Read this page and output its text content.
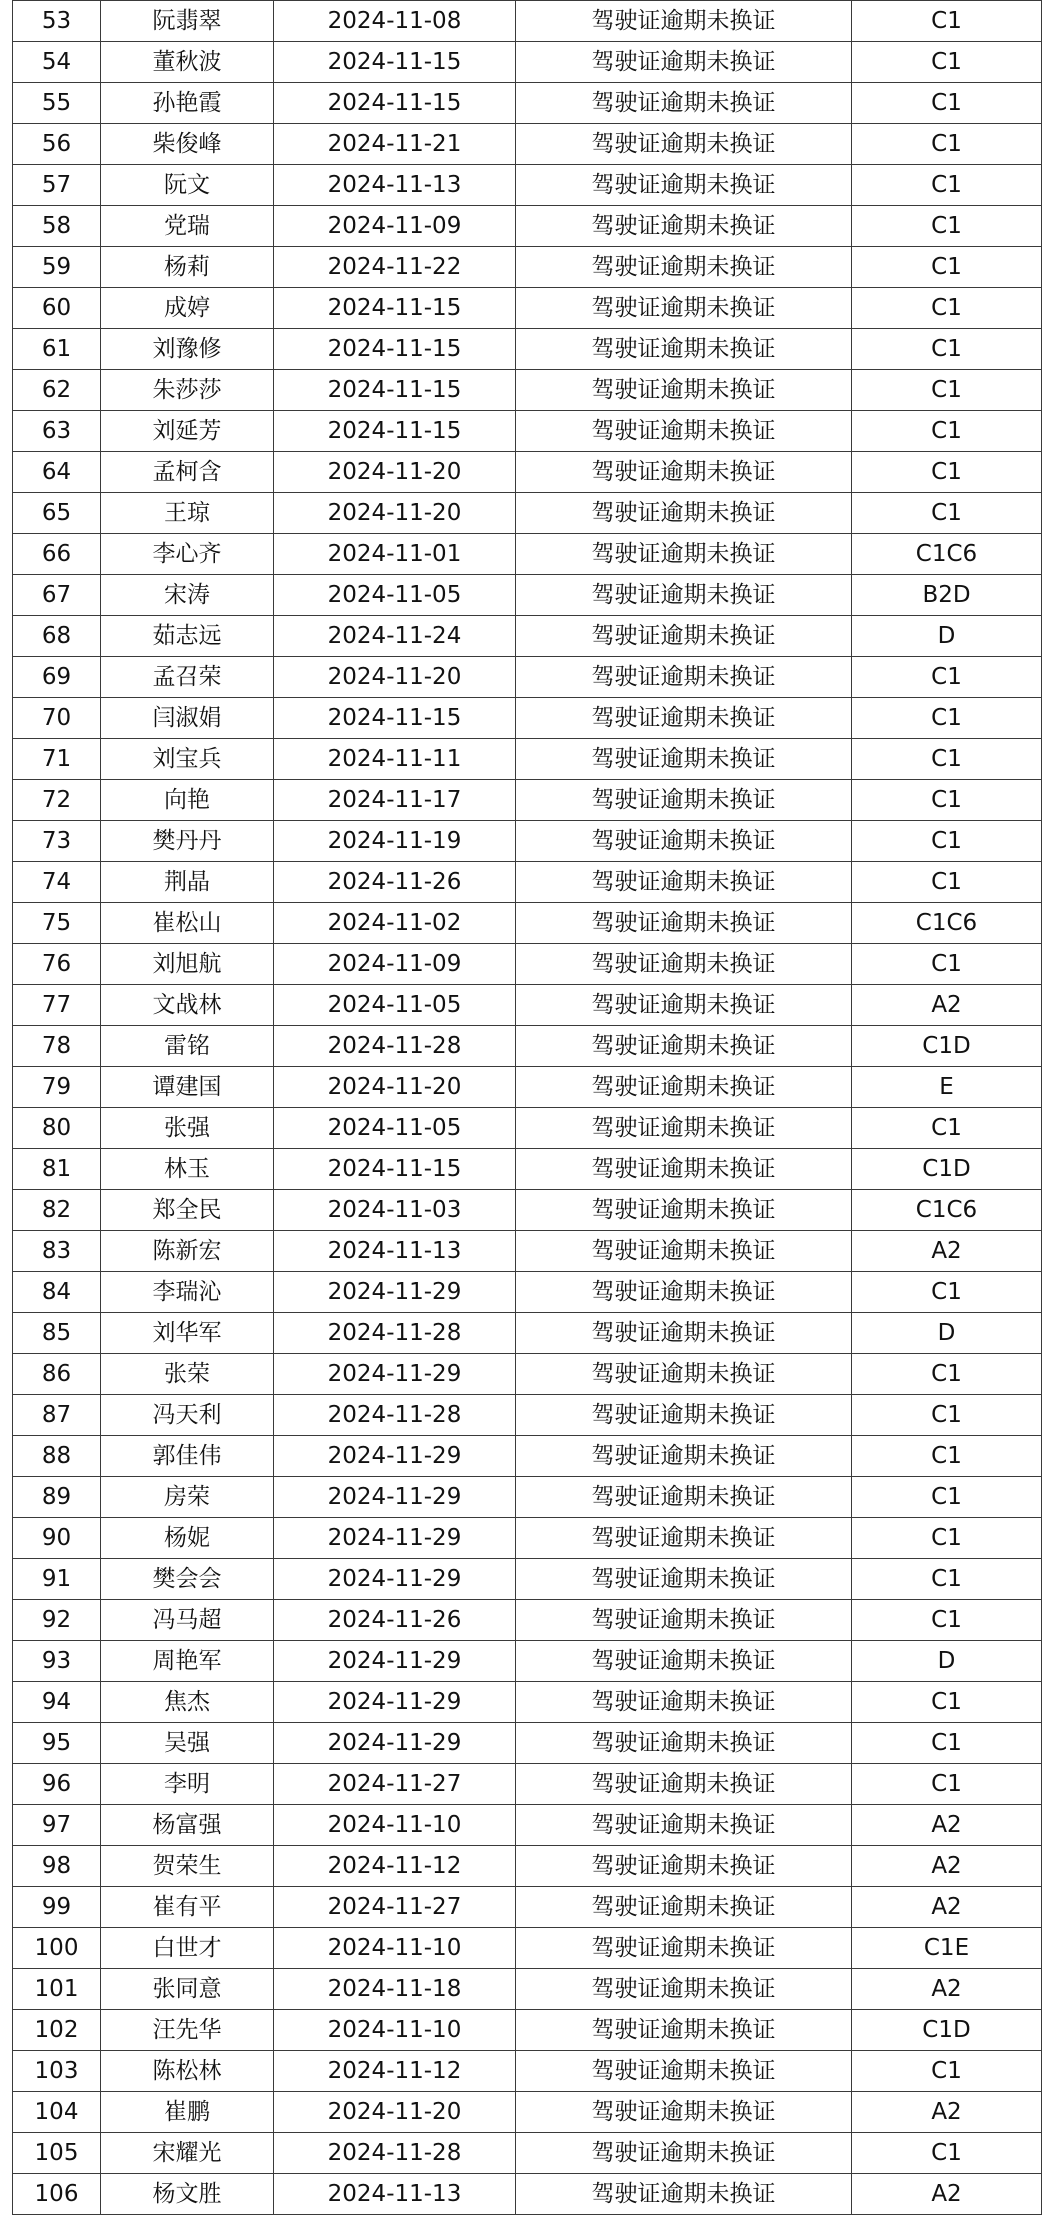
53	阮翡翠	2024-11-08	驾驶证逾期未换证	C1
54	董秋波	2024-11-15	驾驶证逾期未换证	C1
55	孙艳霞	2024-11-15	驾驶证逾期未换证	C1
56	柴俊峰	2024-11-21	驾驶证逾期未换证	C1
57	阮文	2024-11-13	驾驶证逾期未换证	C1
58	党瑞	2024-11-09	驾驶证逾期未换证	C1
59	杨莉	2024-11-22	驾驶证逾期未换证	C1
60	成婷	2024-11-15	驾驶证逾期未换证	C1
61	刘豫修	2024-11-15	驾驶证逾期未换证	C1
62	朱莎莎	2024-11-15	驾驶证逾期未换证	C1
63	刘延芳	2024-11-15	驾驶证逾期未换证	C1
64	孟柯含	2024-11-20	驾驶证逾期未换证	C1
65	王琼	2024-11-20	驾驶证逾期未换证	C1
66	李心齐	2024-11-01	驾驶证逾期未换证	C1C6
67	宋涛	2024-11-05	驾驶证逾期未换证	B2D
68	茹志远	2024-11-24	驾驶证逾期未换证	D
69	孟召荣	2024-11-20	驾驶证逾期未换证	C1
70	闫淑娟	2024-11-15	驾驶证逾期未换证	C1
71	刘宝兵	2024-11-11	驾驶证逾期未换证	C1
72	向艳	2024-11-17	驾驶证逾期未换证	C1
73	樊丹丹	2024-11-19	驾驶证逾期未换证	C1
74	荆晶	2024-11-26	驾驶证逾期未换证	C1
75	崔松山	2024-11-02	驾驶证逾期未换证	C1C6
76	刘旭航	2024-11-09	驾驶证逾期未换证	C1
77	文战林	2024-11-05	驾驶证逾期未换证	A2
78	雷铭	2024-11-28	驾驶证逾期未换证	C1D
79	谭建国	2024-11-20	驾驶证逾期未换证	E
80	张强	2024-11-05	驾驶证逾期未换证	C1
81	林玉	2024-11-15	驾驶证逾期未换证	C1D
82	郑全民	2024-11-03	驾驶证逾期未换证	C1C6
83	陈新宏	2024-11-13	驾驶证逾期未换证	A2
84	李瑞沁	2024-11-29	驾驶证逾期未换证	C1
85	刘华军	2024-11-28	驾驶证逾期未换证	D
86	张荣	2024-11-29	驾驶证逾期未换证	C1
87	冯天利	2024-11-28	驾驶证逾期未换证	C1
88	郭佳伟	2024-11-29	驾驶证逾期未换证	C1
89	房荣	2024-11-29	驾驶证逾期未换证	C1
90	杨妮	2024-11-29	驾驶证逾期未换证	C1
91	樊会会	2024-11-29	驾驶证逾期未换证	C1
92	冯马超	2024-11-26	驾驶证逾期未换证	C1
93	周艳军	2024-11-29	驾驶证逾期未换证	D
94	焦杰	2024-11-29	驾驶证逾期未换证	C1
95	吴强	2024-11-29	驾驶证逾期未换证	C1
96	李明	2024-11-27	驾驶证逾期未换证	C1
97	杨富强	2024-11-10	驾驶证逾期未换证	A2
98	贺荣生	2024-11-12	驾驶证逾期未换证	A2
99	崔有平	2024-11-27	驾驶证逾期未换证	A2
100	白世才	2024-11-10	驾驶证逾期未换证	C1E
101	张同意	2024-11-18	驾驶证逾期未换证	A2
102	汪先华	2024-11-10	驾驶证逾期未换证	C1D
103	陈松林	2024-11-12	驾驶证逾期未换证	C1
104	崔鹏	2024-11-20	驾驶证逾期未换证	A2
105	宋耀光	2024-11-28	驾驶证逾期未换证	C1
106	杨文胜	2024-11-13	驾驶证逾期未换证	A2
